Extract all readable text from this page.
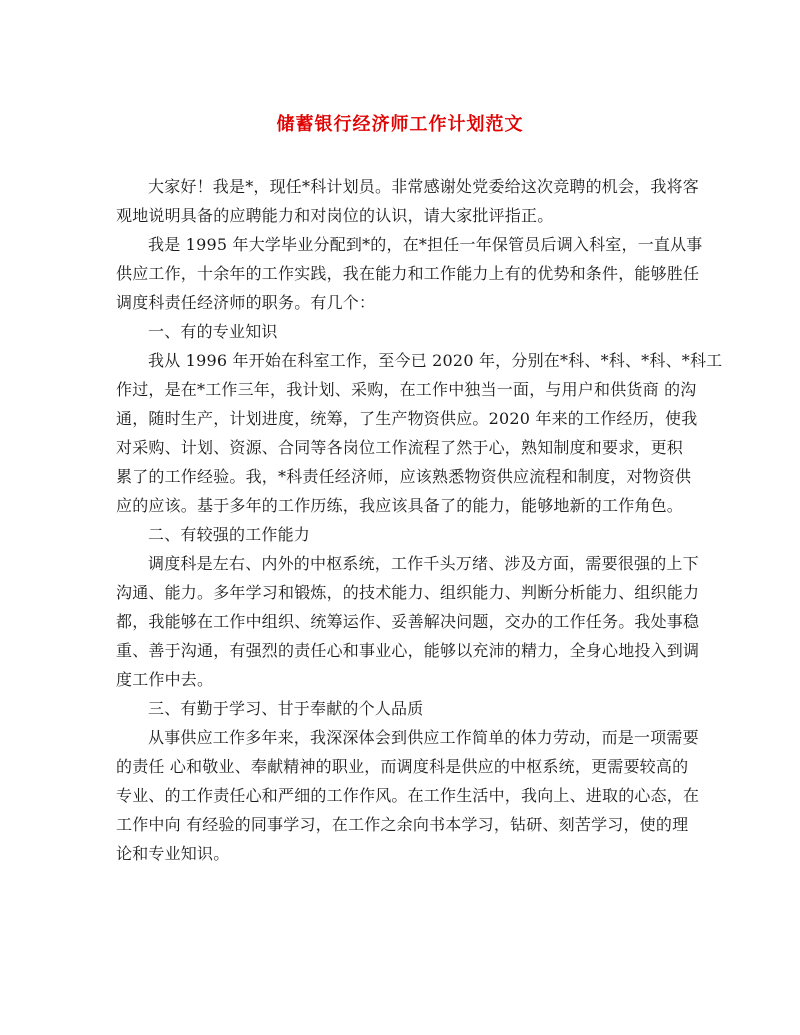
储蓄银行经济师工作计划范文

大家好！我是*，现任*科计划员。非常感谢处党委给这次竞聘的机会，我将客
观地说明具备的应聘能力和对岗位的认识，请大家批评指正。

我是 1995 年大学毕业分配到*的，在*担任一年保管员后调入科室，一直从事
供应工作，十余年的工作实践，我在能力和工作能力上有的优势和条件，能够胜任
调度科责任经济师的职务。有几个：

一、有的专业知识

我从 1996 年开始在科室工作，至今已 2020 年，分别在*科、*科、*科、*科工
作过，是在*工作三年，我计划、采购，在工作中独当一面，与用户和供货商 的沟
通，随时生产，计划进度，统筹，了生产物资供应。2020 年来的工作经历，使我
对采购、计划、资源、合同等各岗位工作流程了然于心，熟知制度和要求，更积
累了的工作经验。我，*科责任经济师，应该熟悉物资供应流程和制度，对物资供
应的应该。基于多年的工作历练，我应该具备了的能力，能够地新的工作角色。

二、有较强的工作能力

调度科是左右、内外的中枢系统，工作千头万绪、涉及方面，需要很强的上下
沟通、能力。多年学习和锻炼，的技术能力、组织能力、判断分析能力、组织能力
都，我能够在工作中组织、统筹运作、妥善解决问题，交办的工作任务。我处事稳
重、善于沟通，有强烈的责任心和事业心，能够以充沛的精力，全身心地投入到调
度工作中去。

三、有勤于学习、甘于奉献的个人品质

从事供应工作多年来，我深深体会到供应工作简单的体力劳动，而是一项需要
的责任 心和敬业、奉献精神的职业，而调度科是供应的中枢系统，更需要较高的
专业、的工作责任心和严细的工作作风。在工作生活中，我向上、进取的心态，在
工作中向 有经验的同事学习，在工作之余向书本学习，钻研、刻苦学习，使的理
论和专业知识。
